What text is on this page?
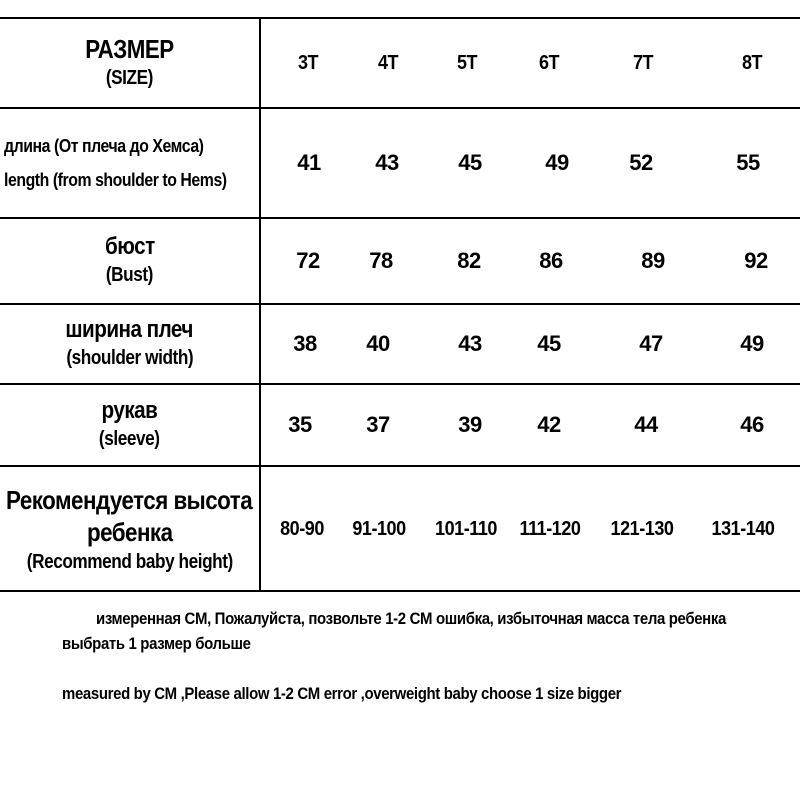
РАЗМЕР
(SIZE)
3T	4T	5T	6T	7T	8T
длина (От плеча до Хемса)
length (from shoulder to Hems)
41	43	45	49	52	55
бюст
(Bust)
72	78	82	86	89	92
ширина плеч
(shoulder width)
38	40	43	45	47	49
рукав
(sleeve)
35	37	39	42	44	46
Рекомендуется высота
ребенка
(Recommend baby height)
80-90	91-100	101-110	111-120	121-130	131-140
измеренная CM, Пожалуйста, позвольте 1-2 CM ошибка, избыточная масса тела ребенка
выбрать 1 размер больше
measured by CM ,Please allow 1-2 CM error ,overweight baby choose 1 size bigger
